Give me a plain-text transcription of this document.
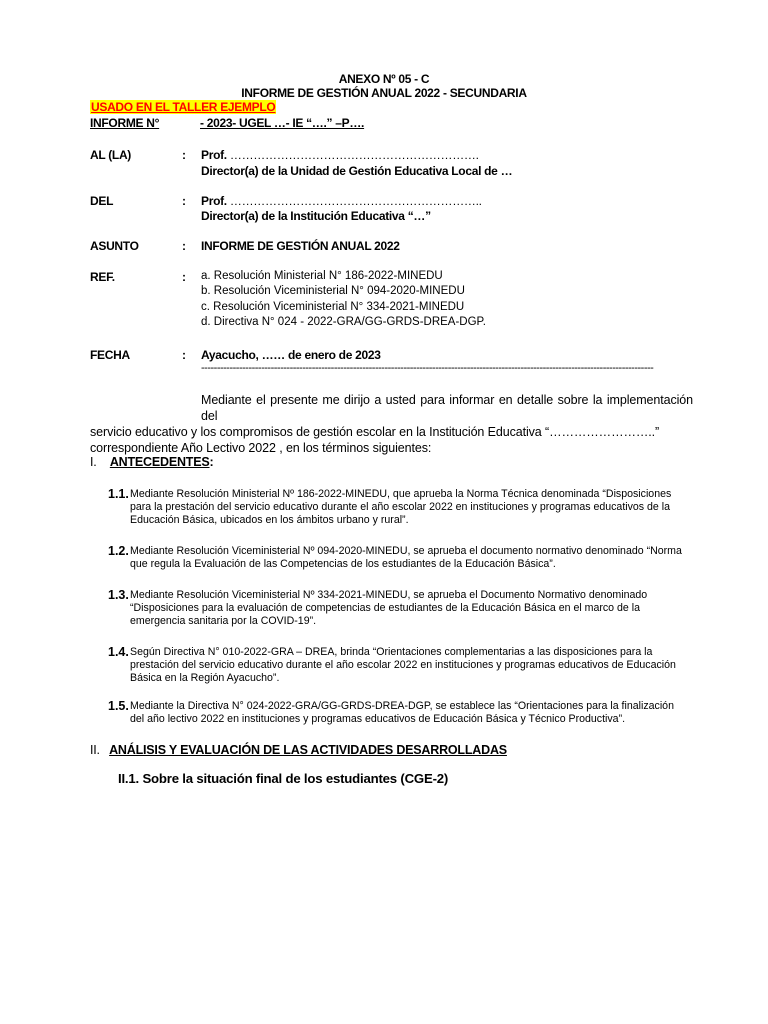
ANEXO Nº 05 - C
INFORME DE GESTIÓN ANUAL 2022 - SECUNDARIA
USADO EN EL TALLER EJEMPLO
INFORME N°	- 2023- UGEL …- IE “….” –P….
AL (LA)	: Prof. ……………………………………………………….
Director(a) de la Unidad de Gestión Educativa Local de …
DEL	: Prof. ………………………………………………………..
Director(a) de la Institución Educativa “…”
ASUNTO	: INFORME DE GESTIÓN ANUAL 2022
REF.	: a. Resolución Ministerial N° 186-2022-MINEDU
b. Resolución Viceministerial N° 094-2020-MINEDU
c. Resolución Viceministerial N° 334-2021-MINEDU
d. Directiva N° 024 - 2022-GRA/GG-GRDS-DREA-DGP.
FECHA	: Ayacucho, …… de enero de 2023
-----------------------------------------------------------------------------------------------------------------------------------------------
Mediante el presente me dirijo a usted para informar en detalle sobre la implementación del
servicio educativo y los compromisos de gestión escolar en la Institución Educativa “……………………..”
correspondiente Año Lectivo 2022 , en los términos siguientes:
I. ANTECEDENTES:
1.1. Mediante Resolución Ministerial Nº 186-2022-MINEDU, que aprueba la Norma Técnica denominada “Disposiciones
para la prestación del servicio educativo durante el año escolar 2022 en instituciones y programas educativos de la
Educación Básica, ubicados en los ámbitos urbano y rural”.
1.2. Mediante Resolución Viceministerial Nº 094-2020-MINEDU, se aprueba el documento normativo denominado “Norma
que regula la Evaluación de las Competencias de los estudiantes de la Educación Básica”.
1.3. Mediante Resolución Viceministerial Nº 334-2021-MINEDU, se aprueba el Documento Normativo denominado
“Disposiciones para la evaluación de competencias de estudiantes de la Educación Básica en el marco de la
emergencia sanitaria por la COVID-19”.
1.4. Según Directiva N° 010-2022-GRA – DREA, brinda “Orientaciones complementarias a las disposiciones para la
prestación del servicio educativo durante el año escolar 2022 en instituciones y programas educativos de Educación
Básica en la Región Ayacucho”.
1.5. Mediante la Directiva N° 024-2022-GRA/GG-GRDS-DREA-DGP, se establece las “Orientaciones para la finalización
del año lectivo 2022 en instituciones y programas educativos de Educación Básica y Técnico Productiva”.
II. ANÁLISIS Y EVALUACIÓN DE LAS ACTIVIDADES DESARROLLADAS
II.1. Sobre la situación final de los estudiantes (CGE-2)
